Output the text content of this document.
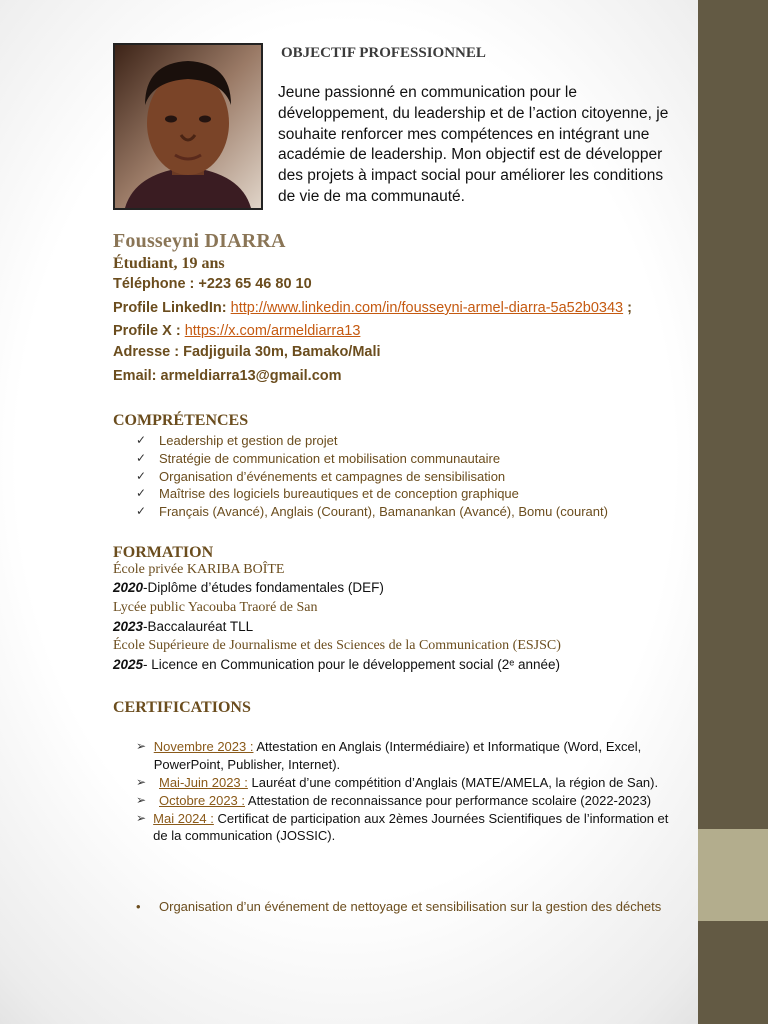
OBJECTIF PROFESSIONNEL
Jeune passionné en communication pour le développement, du leadership et de l’action citoyenne, je souhaite renforcer mes compétences en intégrant une académie de leadership. Mon objectif est de développer des projets à impact social pour améliorer les conditions de vie de ma communauté.
Fousseyni DIARRA
Étudiant, 19 ans
Téléphone : +223 65 46 80 10
Profile LinkedIn: http://www.linkedin.com/in/fousseyni-armel-diarra-5a52b0343 ; Profile X : https://x.com/armeldiarra13
Adresse : Fadjiguila 30m, Bamako/Mali
Email: armeldiarra13@gmail.com
COMPRÉTENCES
✓ Leadership et gestion de projet
✓ Stratégie de communication et mobilisation communautaire
✓ Organisation d’événements et campagnes de sensibilisation
✓ Maîtrise des logiciels bureautiques et de conception graphique
✓ Français (Avancé), Anglais (Courant), Bamanankan (Avancé), Bomu (courant)
FORMATION
École privée KARIBA BOÎTE
2020-Diplôme d’études fondamentales (DEF)
Lycée public Yacouba Traoré de San
2023-Baccalauréat TLL
École Supérieure de Journalisme et des Sciences de la Communication (ESJSC)
2025- Licence en Communication pour le développement social (2ᵉ année)
CERTIFICATIONS
➢ Novembre 2023 : Attestation en Anglais (Intermédiaire) et Informatique (Word, Excel, PowerPoint, Publisher, Internet).
➢ Mai-Juin 2023 : Lauréat d’une compétition d’Anglais (MATE/AMELA, la région de San).
➢ Octobre 2023 : Attestation de reconnaissance pour performance scolaire (2022-2023)
➢ Mai 2024 : Certificat de participation aux 2èmes Journées Scientifiques de l’information et de la communication (JOSSIC).
•	Organisation d’un événement de nettoyage et sensibilisation sur la gestion des déchets
